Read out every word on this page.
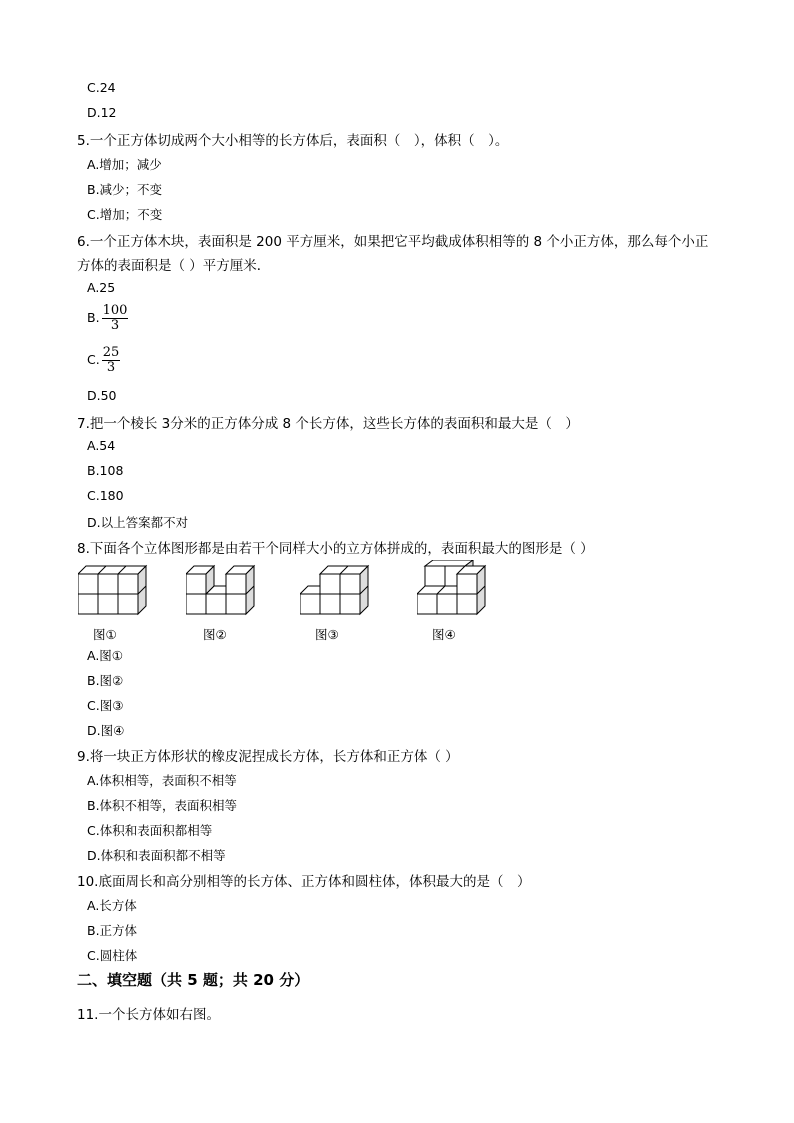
C.24
D.12
5.一个正方体切成两个大小相等的长方体后，表面积（　），体积（　）。
A.增加；减少
B.减少；不变
C.增加；不变
6.一个正方体木块，表面积是 200 平方厘米，如果把它平均截成体积相等的 8 个小正方体，那么每个小正
方体的表面积是（ ）平方厘米．
A.25
B. $\frac{100}{3}$
C. $\frac{25}{3}$
D.50
7.把一个棱长 3分米的正方体分成 8 个长方体，这些长方体的表面积和最大是（　）
A.54
B.108
C.180
D.以上答案都不对
8.下面各个立体图形都是由若干个同样大小的立方体拼成的，表面积最大的图形是（ ）
图①	图②	图③	图④
A.图①
B.图②
C.图③
D.图④
9.将一块正方体形状的橡皮泥捏成长方体，长方体和正方体（ ）
A.体积相等，表面积不相等
B.体积不相等，表面积相等
C.体积和表面积都相等
D.体积和表面积都不相等
10.底面周长和高分别相等的长方体、正方体和圆柱体，体积最大的是（　）
A.长方体
B.正方体
C.圆柱体
二、填空题（共 5 题；共 20 分）
11.一个长方体如右图。
